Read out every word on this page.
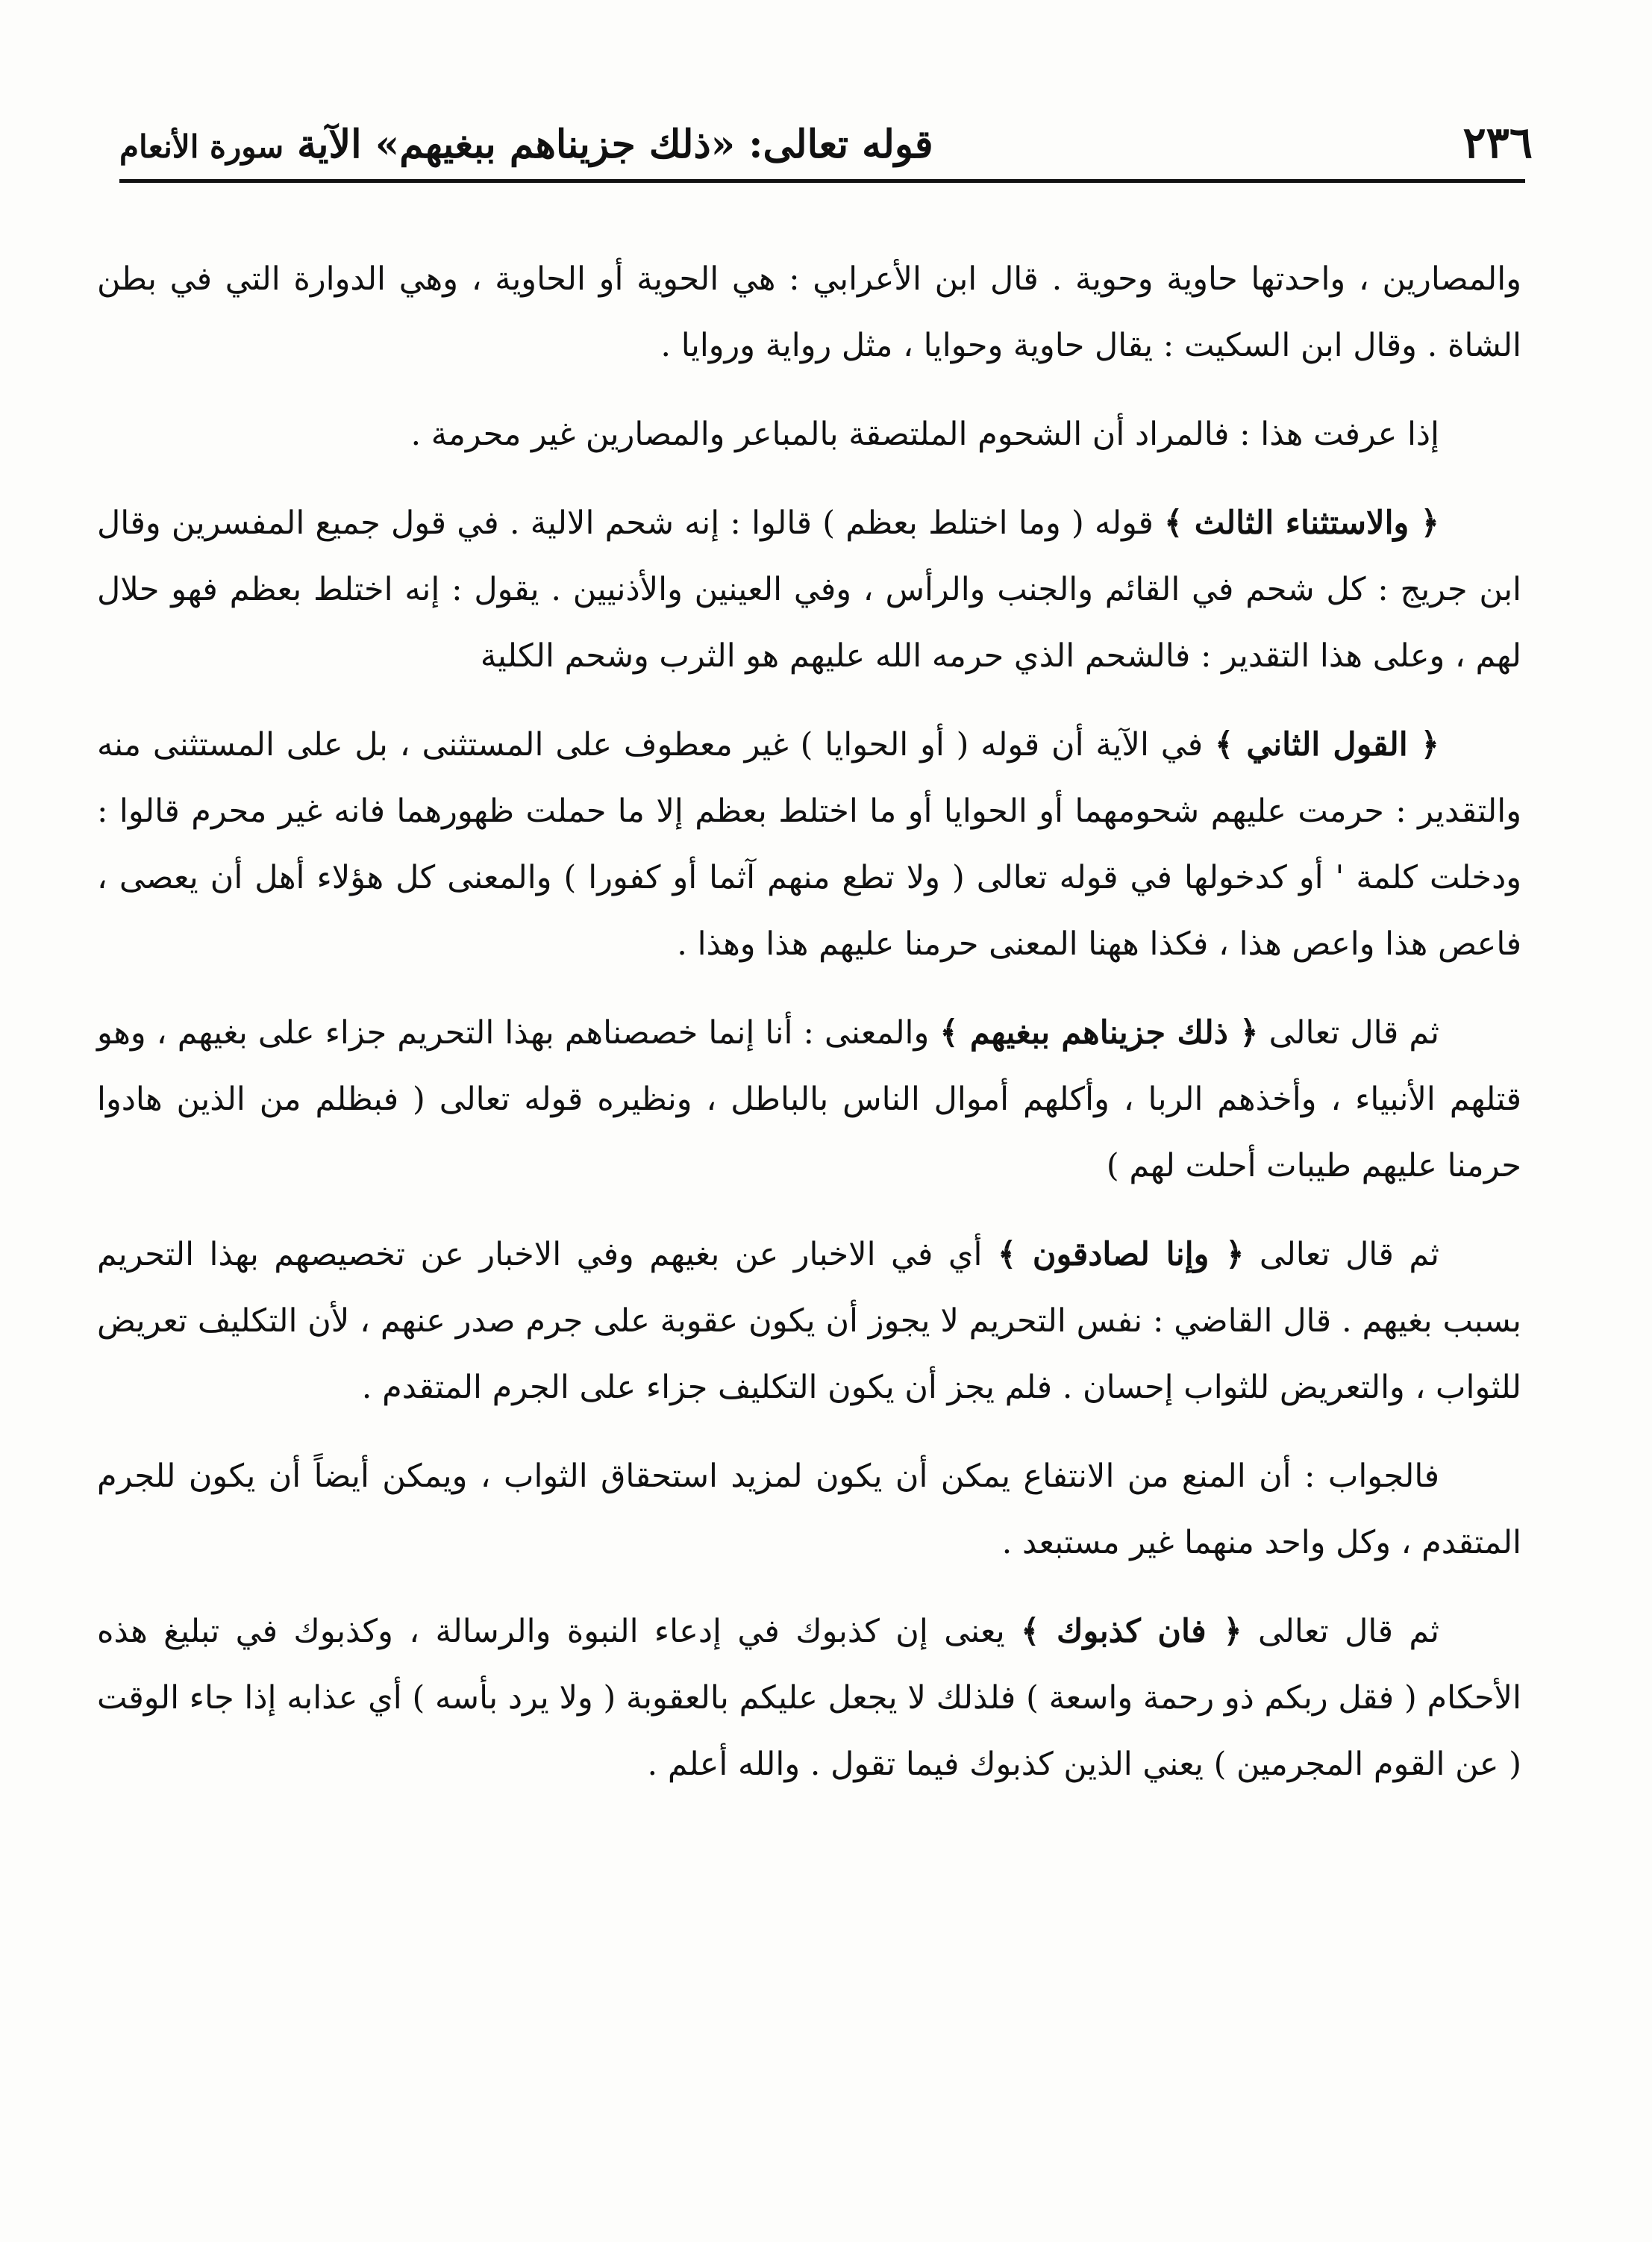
٢٣٦
قوله تعالى: «ذلك جزيناهم ببغيهم» الآيةسورة الأنعام

والمصارين ، واحدتها حاوية وحوية . قال ابن الأعرابي : هي الحوية أو الحاوية ، وهي الدوارة التي في بطن الشاة . وقال ابن السكيت : يقال حاوية وحوايا ، مثل رواية وروايا .

إذا عرفت هذا : فالمراد أن الشحوم الملتصقة بالمباعر والمصارين غير محرمة .

﴿ والاستثناء الثالث ﴾ قوله ( وما اختلط بعظم ) قالوا : إنه شحم الالية . في قول جميع المفسرين وقال ابن جريج : كل شحم في القائم والجنب والرأس ، وفي العينين والأذنيين . يقول : إنه اختلط بعظم فهو حلال لهم ، وعلى هذا التقدير : فالشحم الذي حرمه الله عليهم هو الثرب وشحم الكلية

﴿ القول الثاني ﴾ في الآية أن قوله ( أو الحوايا ) غير معطوف على المستثنى ، بل على المستثنى منه والتقدير : حرمت عليهم شحومهما أو الحوايا أو ما اختلط بعظم إلا ما حملت ظهورهما فانه غير محرم قالوا : ودخلت كلمة ' أو كدخولها في قوله تعالى ( ولا تطع منهم آثما أو كفورا ) والمعنى كل هؤلاء أهل أن يعصى ، فاعص هذا واعص هذا ، فكذا ههنا المعنى حرمنا عليهم هذا وهذا .

ثم قال تعالى ﴿ ذلك جزيناهم ببغيهم ﴾ والمعنى : أنا إنما خصصناهم بهذا التحريم جزاء على بغيهم ، وهو قتلهم الأنبياء ، وأخذهم الربا ، وأكلهم أموال الناس بالباطل ، ونظيره قوله تعالى ( فبظلم من الذين هادوا حرمنا عليهم طيبات أحلت لهم )

ثم قال تعالى ﴿ وإنا لصادقون ﴾ أي في الاخبار عن بغيهم وفي الاخبار عن تخصيصهم بهذا التحريم بسبب بغيهم . قال القاضي : نفس التحريم لا يجوز أن يكون عقوبة على جرم صدر عنهم ، لأن التكليف تعريض للثواب ، والتعريض للثواب إحسان . فلم يجز أن يكون التكليف جزاء على الجرم المتقدم .

فالجواب : أن المنع من الانتفاع يمكن أن يكون لمزيد استحقاق الثواب ، ويمكن أيضاً أن يكون للجرم المتقدم ، وكل واحد منهما غير مستبعد .

ثم قال تعالى ﴿ فان كذبوك ﴾ يعنى إن كذبوك في إدعاء النبوة والرسالة ، وكذبوك في تبليغ هذه الأحكام ( فقل ربكم ذو رحمة واسعة ) فلذلك لا يجعل عليكم بالعقوبة ( ولا يرد بأسه ) أي عذابه إذا جاء الوقت ( عن القوم المجرمين ) يعني الذين كذبوك فيما تقول . والله أعلم .
